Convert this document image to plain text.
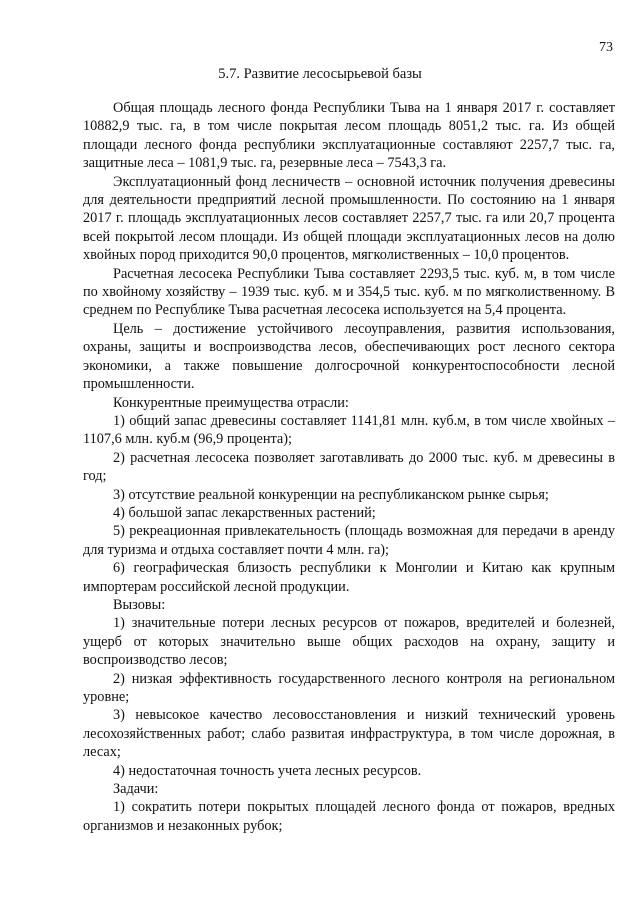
73
5.7. Развитие лесосырьевой базы

Общая площадь лесного фонда Республики Тыва на 1 января 2017 г. составляет 10882,9 тыс. га, в том числе покрытая лесом площадь 8051,2 тыс. га. Из общей площади лесного фонда республики эксплуатационные составляют 2257,7 тыс. га, защитные леса – 1081,9 тыс. га, резервные леса – 7543,3 га.

Эксплуатационный фонд лесничеств – основной источник получения древесины для деятельности предприятий лесной промышленности. По состоянию на 1 января 2017 г. площадь эксплуатационных лесов составляет 2257,7 тыс. га или 20,7 процента всей покрытой лесом площади. Из общей площади эксплуатационных лесов на долю хвойных пород приходится 90,0 процентов, мягколиственных – 10,0 процентов.

Расчетная лесосека Республики Тыва составляет 2293,5 тыс. куб. м, в том числе по хвойному хозяйству – 1939 тыс. куб. м и 354,5 тыс. куб. м по мягколиственному. В среднем по Республике Тыва расчетная лесосека используется на 5,4 процента.

Цель – достижение устойчивого лесоуправления, развития использования, охраны, защиты и воспроизводства лесов, обеспечивающих рост лесного сектора экономики, а также повышение долгосрочной конкурентоспособности лесной промышленности.

Конкурентные преимущества отрасли:

1) общий запас древесины составляет 1141,81 млн. куб.м, в том числе хвойных – 1107,6 млн. куб.м (96,9 процента);

2) расчетная лесосека позволяет заготавливать до 2000 тыс. куб. м древесины в год;

3) отсутствие реальной конкуренции на республиканском рынке сырья;

4) большой запас лекарственных растений;

5) рекреационная привлекательность (площадь возможная для передачи в аренду для туризма и отдыха составляет почти 4 млн. га);

6) географическая близость республики к Монголии и Китаю как крупным импортерам российской лесной продукции.

Вызовы:

1) значительные потери лесных ресурсов от пожаров, вредителей и болезней, ущерб от которых значительно выше общих расходов на охрану, защиту и воспроизводство лесов;

2) низкая эффективность государственного лесного контроля на региональном уровне;

3) невысокое качество лесовосстановления и низкий технический уровень лесохозяйственных работ; слабо развитая инфраструктура, в том числе дорожная, в лесах;

4) недостаточная точность учета лесных ресурсов.

Задачи:

1) сократить потери покрытых площадей лесного фонда от пожаров, вредных организмов и незаконных рубок;
